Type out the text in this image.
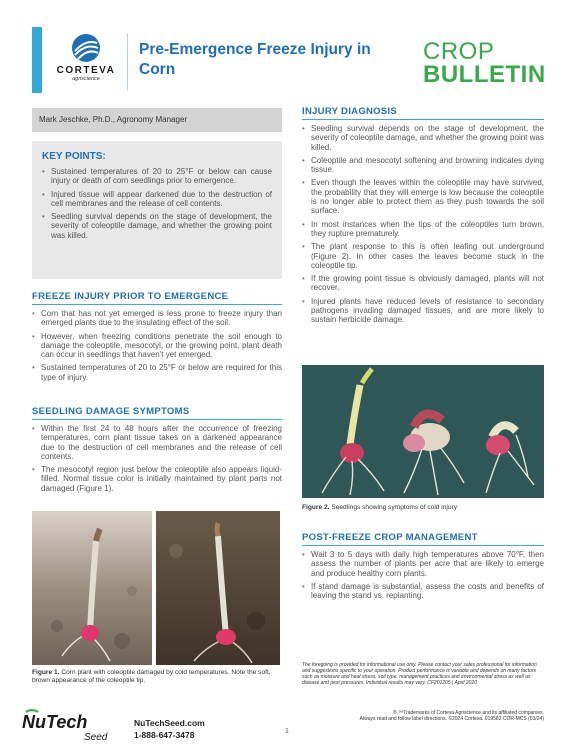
CORTEVA
agriscience
Pre-Emergence Freeze Injury in Corn
CROP
BULLETIN
Mark Jeschke, Ph.D., Agronomy Manager
KEY POINTS:
• Sustained temperatures of 20 to 25°F or below can cause injury or death of corn seedlings prior to emergence.
• Injured tissue will appear darkened due to the destruction of cell membranes and the release of cell contents.
• Seedling survival depends on the stage of development, the severity of coleoptile damage, and whether the growing point was killed.
FREEZE INJURY PRIOR TO EMERGENCE
• Corn that has not yet emerged is less prone to freeze injury than emerged plants due to the insulating effect of the soil.
• However, when freezing conditions penetrate the soil enough to damage the coleoptile, mesocotyl, or the growing point, plant death can occur in seedlings that haven't yet emerged.
• Sustained temperatures of 20 to 25°F or below are required for this type of injury.
SEEDLING DAMAGE SYMPTOMS
• Within the first 24 to 48 hours after the occurrence of freezing temperatures, corn plant tissue takes on a darkened appearance due to the destruction of cell membranes and the release of cell contents.
• The mesocotyl region just below the coleoptile also appears liquid-filled. Normal tissue color is initially maintained by plant parts not damaged (Figure 1).
Figure 1. Corn plant with coleoptile damaged by cold temperatures. Note the soft, brown appearance of the coleoptile tip.
INJURY DIAGNOSIS
• Seedling survival depends on the stage of development, the severity of coleoptile damage, and whether the growing point was killed.
• Coleoptile and mesocotyl softening and browning indicates dying tissue.
• Even though the leaves within the coleoptile may have survived, the probability that they will emerge is low because the coleoptile is no longer able to protect them as they push towards the soil surface.
• In most instances when the tips of the coleoptiles turn brown, they rupture prematurely.
• The plant response to this is often leafing out underground (Figure 2). In other cases the leaves become stuck in the coleoptile tip.
• If the growing point tissue is obviously damaged, plants will not recover.
• Injured plants have reduced levels of resistance to secondary pathogens invading damaged tissues, and are more likely to sustain herbicide damage.
Figure 2. Seedlings showing symptoms of cold injury
POST-FREEZE CROP MANAGEMENT
• Wait 3 to 5 days with daily high temperatures above 70°F, then assess the number of plants per acre that are likely to emerge and produce healthy corn plants.
• If stand damage is substantial, assess the costs and benefits of leaving the stand vs. replanting.
The foregoing is provided for informational use only. Please contact your sales professional for information and suggestions specific to your operation. Product performance is variable and depends on many factors such as moisture and heat stress, soil type, management practices and environmental stress as well as disease and pest pressures. Individual results may vary. CF201205 | April 2020
NuTech
Seed
NuTechSeed.com
1-888-647-3478	1
®,™Trademarks of Corteva Agriscience and its affiliated companies.
Always read and follow label directions. ©2024 Corteva. 019582 COR-MCS (03/24)
